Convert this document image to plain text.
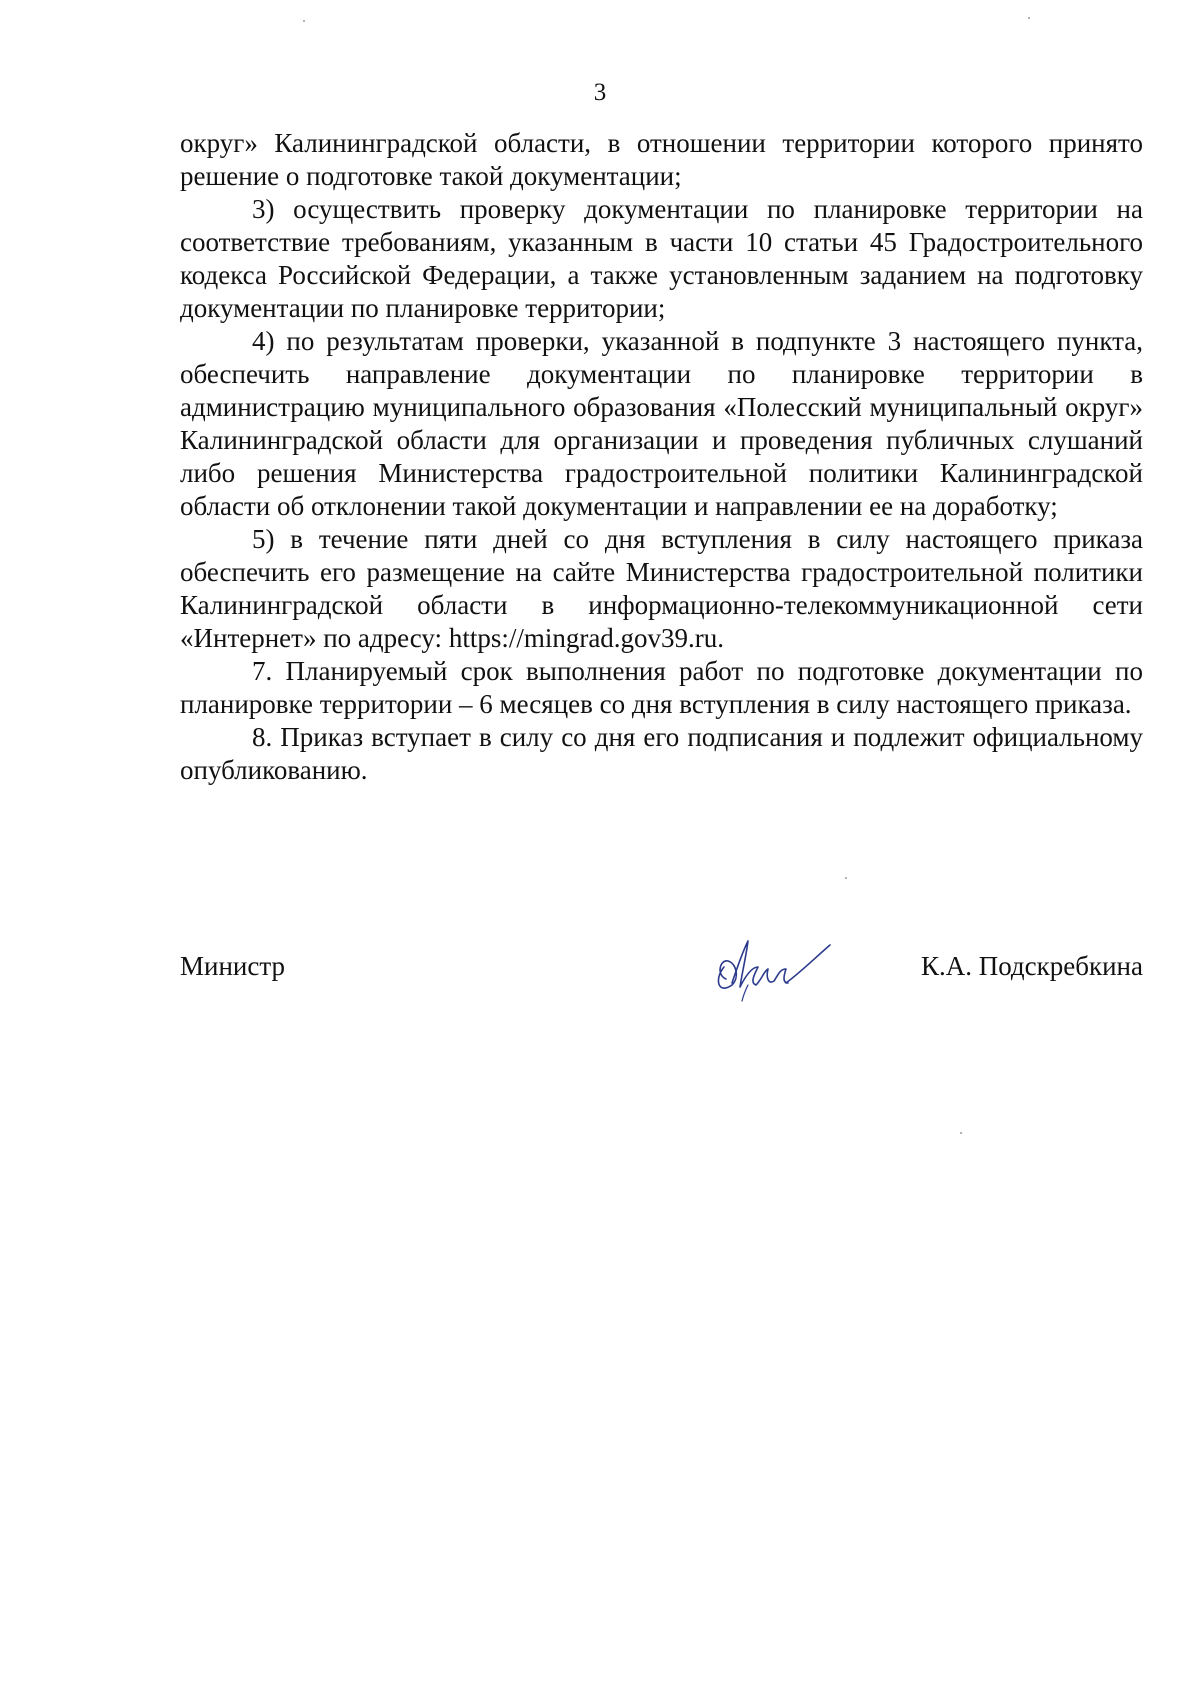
3

округ» Калининградской области, в отношении территории которого принято решение о подготовке такой документации;

3) осуществить проверку документации по планировке территории на соответствие требованиям, указанным в части 10 статьи 45 Градостроительного кодекса Российской Федерации, а также установленным заданием на подготовку документации по планировке территории;

4) по результатам проверки, указанной в подпункте 3 настоящего пункта, обеспечить направление документации по планировке территории в администрацию муниципального образования «Полесский муниципальный округ» Калининградской области для организации и проведения публичных слушаний либо решения Министерства градостроительной политики Калининградской области об отклонении такой документации и направлении ее на доработку;

5) в течение пяти дней со дня вступления в силу настоящего приказа обеспечить его размещение на сайте Министерства градостроительной политики Калининградской области в информационно-телекоммуникационной сети «Интернет» по адресу: https://mingrad.gov39.ru.

7. Планируемый срок выполнения работ по подготовке документации по планировке территории – 6 месяцев со дня вступления в силу настоящего приказа.

8. Приказ вступает в силу со дня его подписания и подлежит официальному опубликованию.

Министр	К.А. Подскребкина
